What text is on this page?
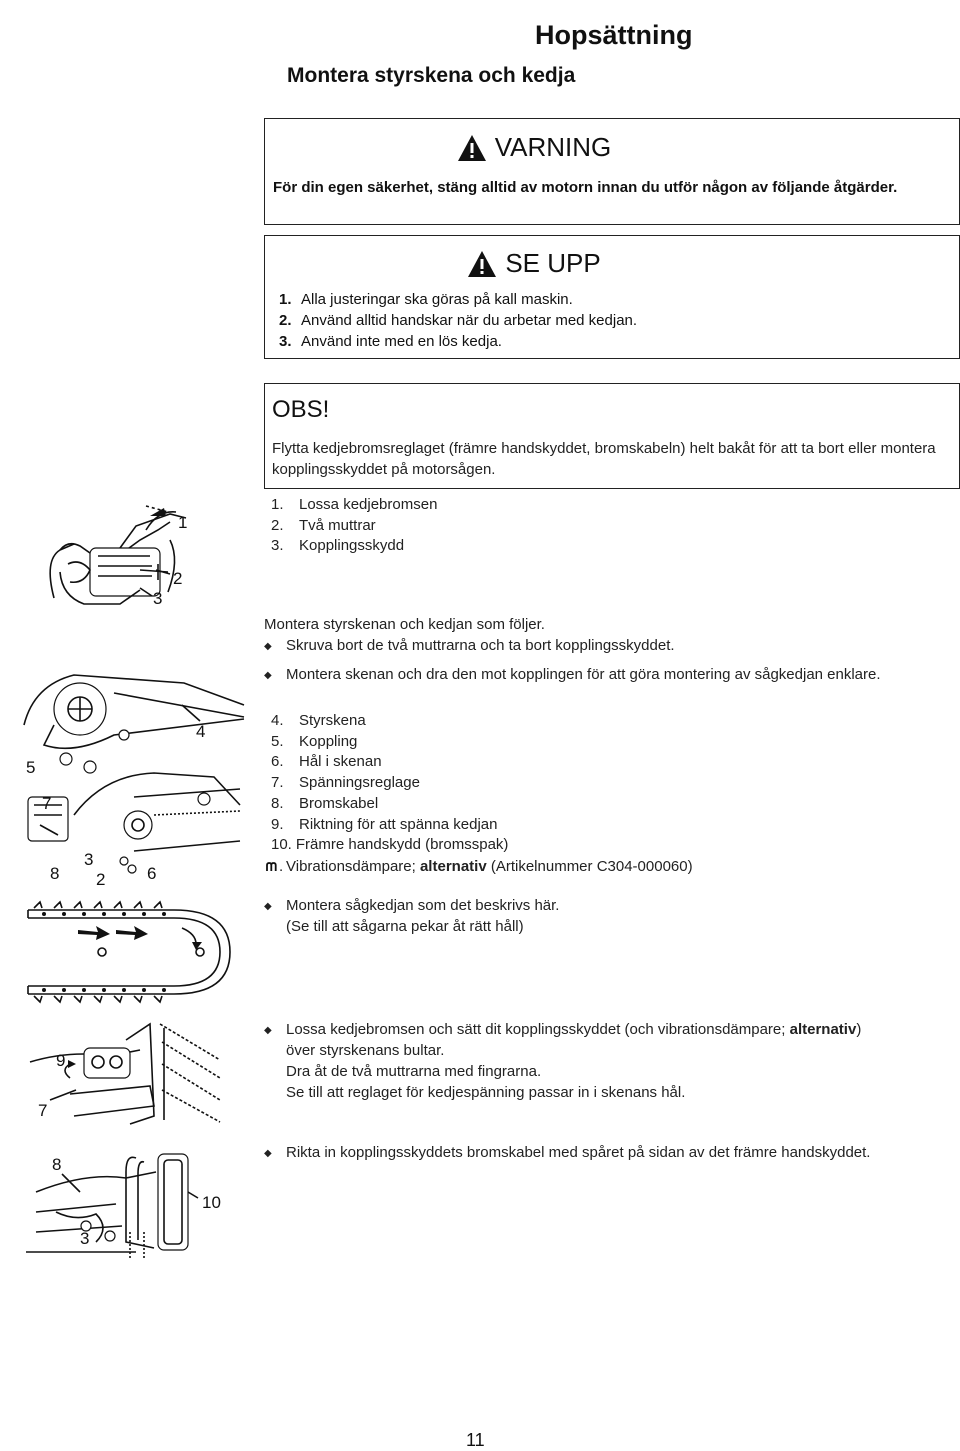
Hopsättning
Montera styrskena och kedja
För din egen säkerhet, stäng alltid av motorn innan du utför någon av följande åtgärder.
VARNING
1. Alla justeringar ska göras på kall maskin.
2. Använd alltid handskar när du arbetar med kedjan.
3. Använd inte med en lös kedja.
SE UPP
OBS!
Flytta kedjebromsreglaget (främre handskyddet, bromskabeln) helt bakåt för att ta bort eller montera kopplingsskyddet på motorsågen.
1. Lossa kedjebromsen
2. Två muttrar
3. Kopplingsskydd
Montera styrskenan och kedjan som följer.
◆ Skruva bort de två muttrarna och ta bort kopplingsskyddet.
◆ Montera skenan och dra den mot kopplingen för att göra montering av sågkedjan enklare.
4. Styrskena
5. Koppling
6. Hål i skenan
7. Spänningsreglage
8. Bromskabel
9. Riktning för att spänna kedjan
10. Främre handskydd (bromsspak)
. Vibrationsdämpare; alternativ (Artikelnummer C304-000060)
◆ Montera sågkedjan som det beskrivs här.
(Se till att sågarna pekar åt rätt håll)
◆ Lossa kedjebromsen och sätt dit kopplingsskyddet (och vibrationsdämpare; alternativ)
över styrskenans bultar.
Dra åt de två muttrarna med fingrarna.
Se till att reglaget för kedjespänning passar in i skenans hål.
◆ Rikta in kopplingsskyddets bromskabel med spåret på sidan av det främre handskyddet.
1
2
3
4
5
7
8
3
2 6
9
7
8
10
3
11
